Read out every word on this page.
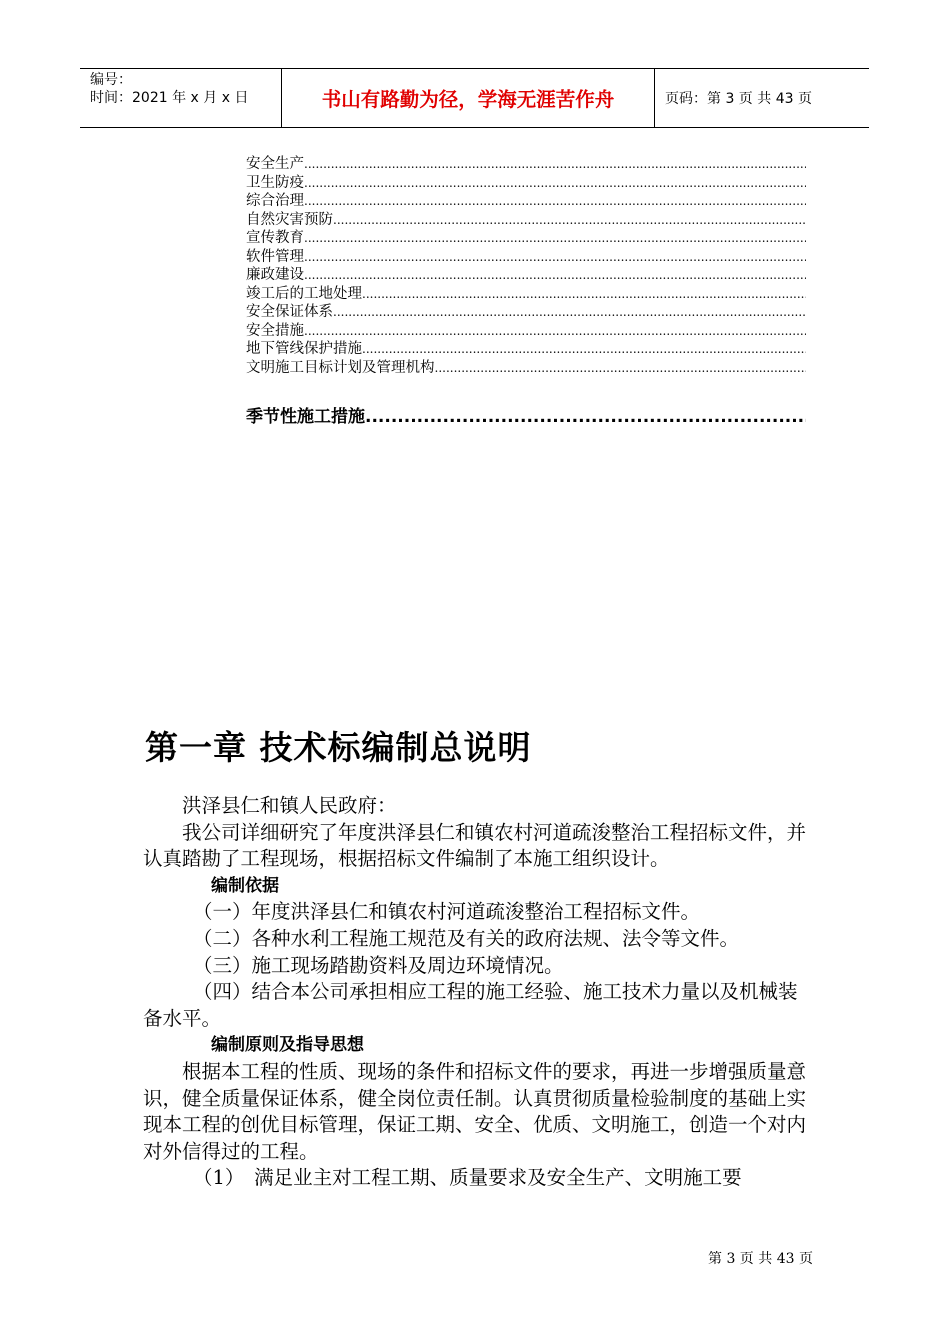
编号：
时间：2021 年 x 月 x 日	书山有路勤为径，学海无涯苦作舟	页码：第 3 页 共 43 页
安全生产
.....
卫生防疫
.....
综合治理
.....
自然灾害预防
.....
宣传教育
.....
软件管理
.....
廉政建设
.....
竣工后的工地处理
.....
安全保证体系
.....
安全措施
.....
地下管线保护措施
.....
文明施工目标计划及管理机构
.....
季节性施工措施
.....
第一章 技术标编制总说明

洪泽县仁和镇人民政府：

我公司详细研究了年度洪泽县仁和镇农村河道疏浚整治工程招标文件，并认真踏勘了工程现场，根据招标文件编制了本施工组织设计。

编制依据

（一）年度洪泽县仁和镇农村河道疏浚整治工程招标文件。

（二）各种水利工程施工规范及有关的政府法规、法令等文件。

（三）施工现场踏勘资料及周边环境情况。

（四）结合本公司承担相应工程的施工经验、施工技术力量以及机械装备水平。

编制原则及指导思想

根据本工程的性质、现场的条件和招标文件的要求，再进一步增强质量意识，健全质量保证体系，健全岗位责任制。认真贯彻质量检验制度的基础上实现本工程的创优目标管理，保证工期、安全、优质、文明施工，创造一个对内对外信得过的工程。

（1）　满足业主对工程工期、质量要求及安全生产、文明施工要

第 3 页 共 43 页
